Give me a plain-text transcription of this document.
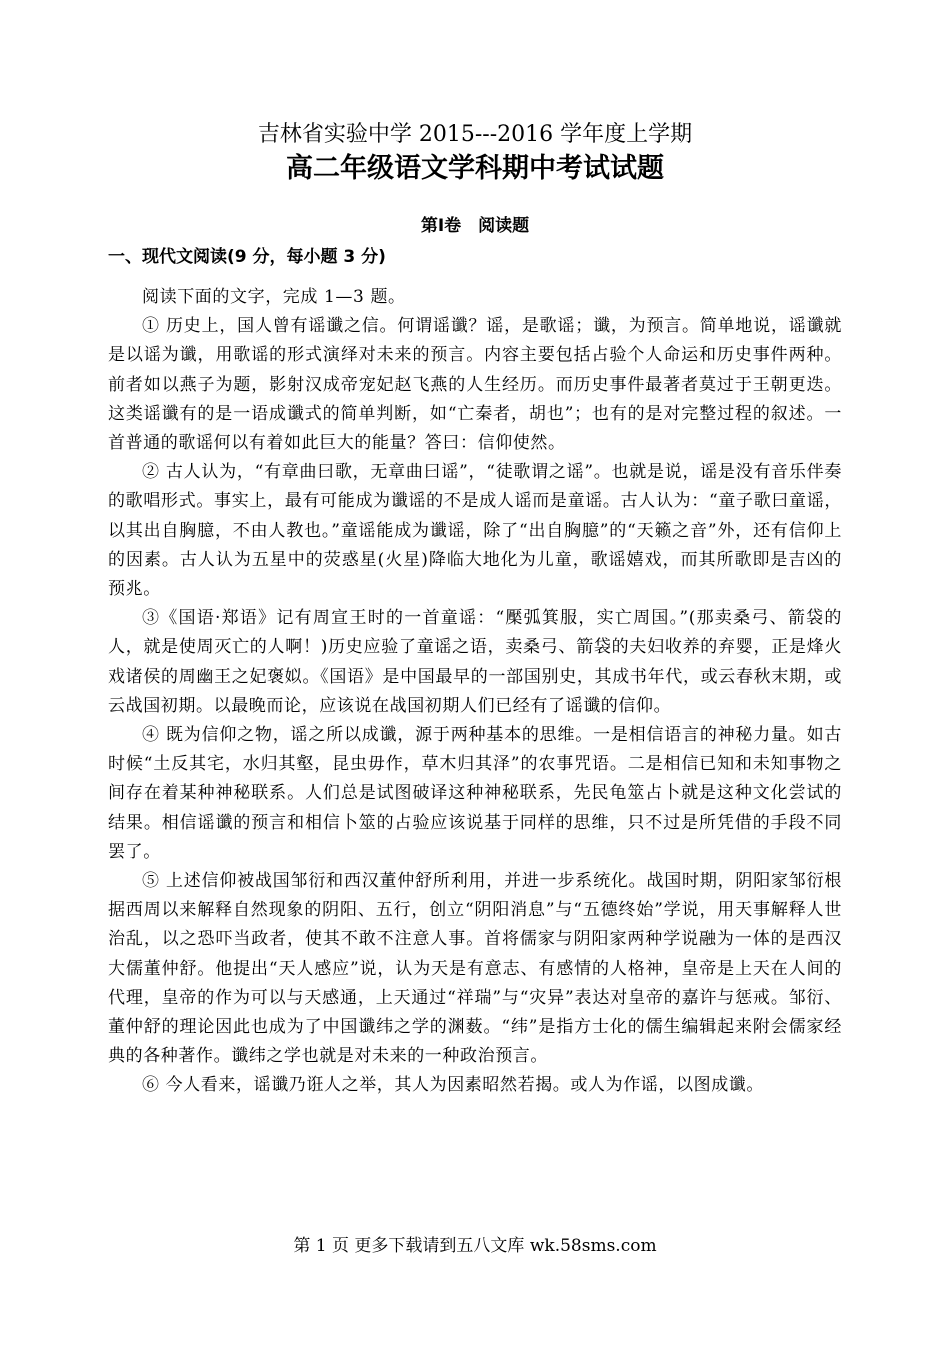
吉林省实验中学 2015---2016 学年度上学期
高二年级语文学科期中考试试题
第Ⅰ卷　阅读题
一、现代文阅读(9 分，每小题 3 分)

阅读下面的文字，完成 1—3 题。

① 历史上，国人曾有谣谶之信。何谓谣谶？谣，是歌谣；谶，为预言。简单地说，谣谶就是以谣为谶，用歌谣的形式演绎对未来的预言。内容主要包括占验个人命运和历史事件两种。前者如以燕子为题，影射汉成帝宠妃赵飞燕的人生经历。而历史事件最著者莫过于王朝更迭。这类谣谶有的是一语成谶式的简单判断，如“亡秦者，胡也”；也有的是对完整过程的叙述。一首普通的歌谣何以有着如此巨大的能量？答曰：信仰使然。

② 古人认为，“有章曲曰歌，无章曲曰谣”，“徒歌谓之谣”。也就是说，谣是没有音乐伴奏的歌唱形式。事实上，最有可能成为谶谣的不是成人谣而是童谣。古人认为：“童子歌曰童谣，以其出自胸臆，不由人教也。”童谣能成为谶谣，除了“出自胸臆”的“天籁之音”外，还有信仰上的因素。古人认为五星中的荧惑星(火星)降临大地化为儿童，歌谣嬉戏，而其所歌即是吉凶的预兆。

③《国语·郑语》记有周宣王时的一首童谣：“檿弧箕服，实亡周国。”(那卖桑弓、箭袋的人，就是使周灭亡的人啊！)历史应验了童谣之语，卖桑弓、箭袋的夫妇收养的弃婴，正是烽火戏诸侯的周幽王之妃褒姒。《国语》是中国最早的一部国别史，其成书年代，或云春秋末期，或云战国初期。以最晚而论，应该说在战国初期人们已经有了谣谶的信仰。

④ 既为信仰之物，谣之所以成谶，源于两种基本的思维。一是相信语言的神秘力量。如古时候“土反其宅，水归其壑，昆虫毋作，草木归其泽”的农事咒语。二是相信已知和未知事物之间存在着某种神秘联系。人们总是试图破译这种神秘联系，先民龟筮占卜就是这种文化尝试的结果。相信谣谶的预言和相信卜筮的占验应该说基于同样的思维，只不过是所凭借的手段不同罢了。

⑤ 上述信仰被战国邹衍和西汉董仲舒所利用，并进一步系统化。战国时期，阴阳家邹衍根据西周以来解释自然现象的阴阳、五行，创立“阴阳消息”与“五德终始”学说，用天事解释人世治乱，以之恐吓当政者，使其不敢不注意人事。首将儒家与阴阳家两种学说融为一体的是西汉大儒董仲舒。他提出“天人感应”说，认为天是有意志、有感情的人格神，皇帝是上天在人间的代理，皇帝的作为可以与天感通，上天通过“祥瑞”与“灾异”表达对皇帝的嘉许与惩戒。邹衍、董仲舒的理论因此也成为了中国谶纬之学的渊薮。“纬”是指方士化的儒生编辑起来附会儒家经典的各种著作。谶纬之学也就是对未来的一种政治预言。

⑥ 今人看来，谣谶乃诳人之举，其人为因素昭然若揭。或人为作谣，以图成谶。

第 1 页 更多下载请到五八文库 wk.58sms.com
